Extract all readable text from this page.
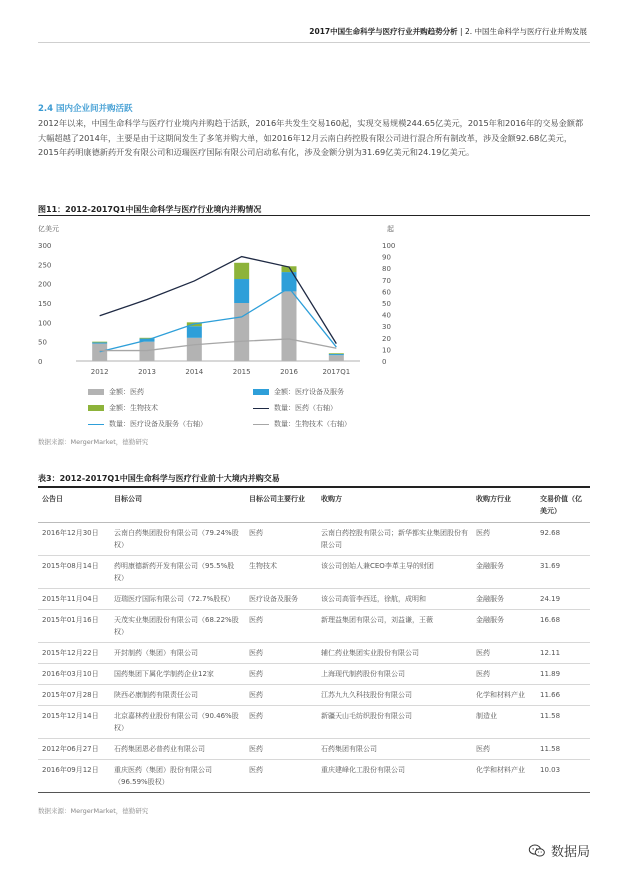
2017中国生命科学与医疗行业并购趋势分析 | 2. 中国生命科学与医疗行业并购发展
2.4 国内企业间并购活跃
2012年以来，中国生命科学与医疗行业境内并购趋于活跃，2016年共发生交易160起，实现交易规模244.65亿美元，2015年和2016年的交易金额都大幅超越了2014年，主要是由于这期间发生了多笔并购大单，如2016年12月云南白药控股有限公司进行混合所有制改革，涉及金额92.68亿美元，2015年药明康德新药开发有限公司和迈瑞医疗国际有限公司启动私有化，涉及金额分别为31.69亿美元和24.19亿美元。
图11：2012-2017Q1中国生命科学与医疗行业境内并购情况
亿美元	起
0
50
100
150
200
250
300
0
10
20
30
40
50
60
70
80
90
100
2012	2013	2014	2015	2016	2017Q1
金额：医药	金额：医疗设备及服务
金额：生物技术	数量：医药（右轴）
数量：医疗设备及服务（右轴）	数量：生物技术（右轴）
数据来源：MergerMarket，德勤研究
表3：2012-2017Q1中国生命科学与医疗行业前十大境内并购交易
公告日	目标公司	目标公司主要行业	收购方	收购方行业	交易价值（亿美元）
2016年12月30日	云南白药集团股份有限公司（79.24%股权）	医药	云南白药控股有限公司；新华都实业集团股份有限公司	医药	92.68
2015年08月14日	药明康德新药开发有限公司（95.5%股权）	生物技术	该公司创始人兼CEO李革主导的财团	金融服务	31.69
2015年11月04日	迈瑞医疗国际有限公司（72.7%股权）	医疗设备及服务	该公司高管李西廷，徐航，成明和	金融服务	24.19
2015年01月16日	天茂实业集团股份有限公司（68.22%股权）	医药	新理益集团有限公司，刘益谦，王薇	金融服务	16.68
2015年12月22日	开封制药（集团）有限公司	医药	辅仁药业集团实业股份有限公司	医药	12.11
2016年03月10日	国药集团下属化学制药企业12家	医药	上海现代制药股份有限公司	医药	11.89
2015年07月28日	陕西必康制药有限责任公司	医药	江苏九九久科技股份有限公司	化学和材料产业	11.66
2015年12月14日	北京嘉林药业股份有限公司（90.46%股权）	医药	新疆天山毛纺织股份有限公司	制造业	11.58
2012年06月27日	石药集团恩必普药业有限公司	医药	石药集团有限公司	医药	11.58
2016年09月12日	重庆医药（集团）股份有限公司（96.59%股权）	医药	重庆建峰化工股份有限公司	化学和材料产业	10.03
数据来源：MergerMarket，德勤研究
数据局
